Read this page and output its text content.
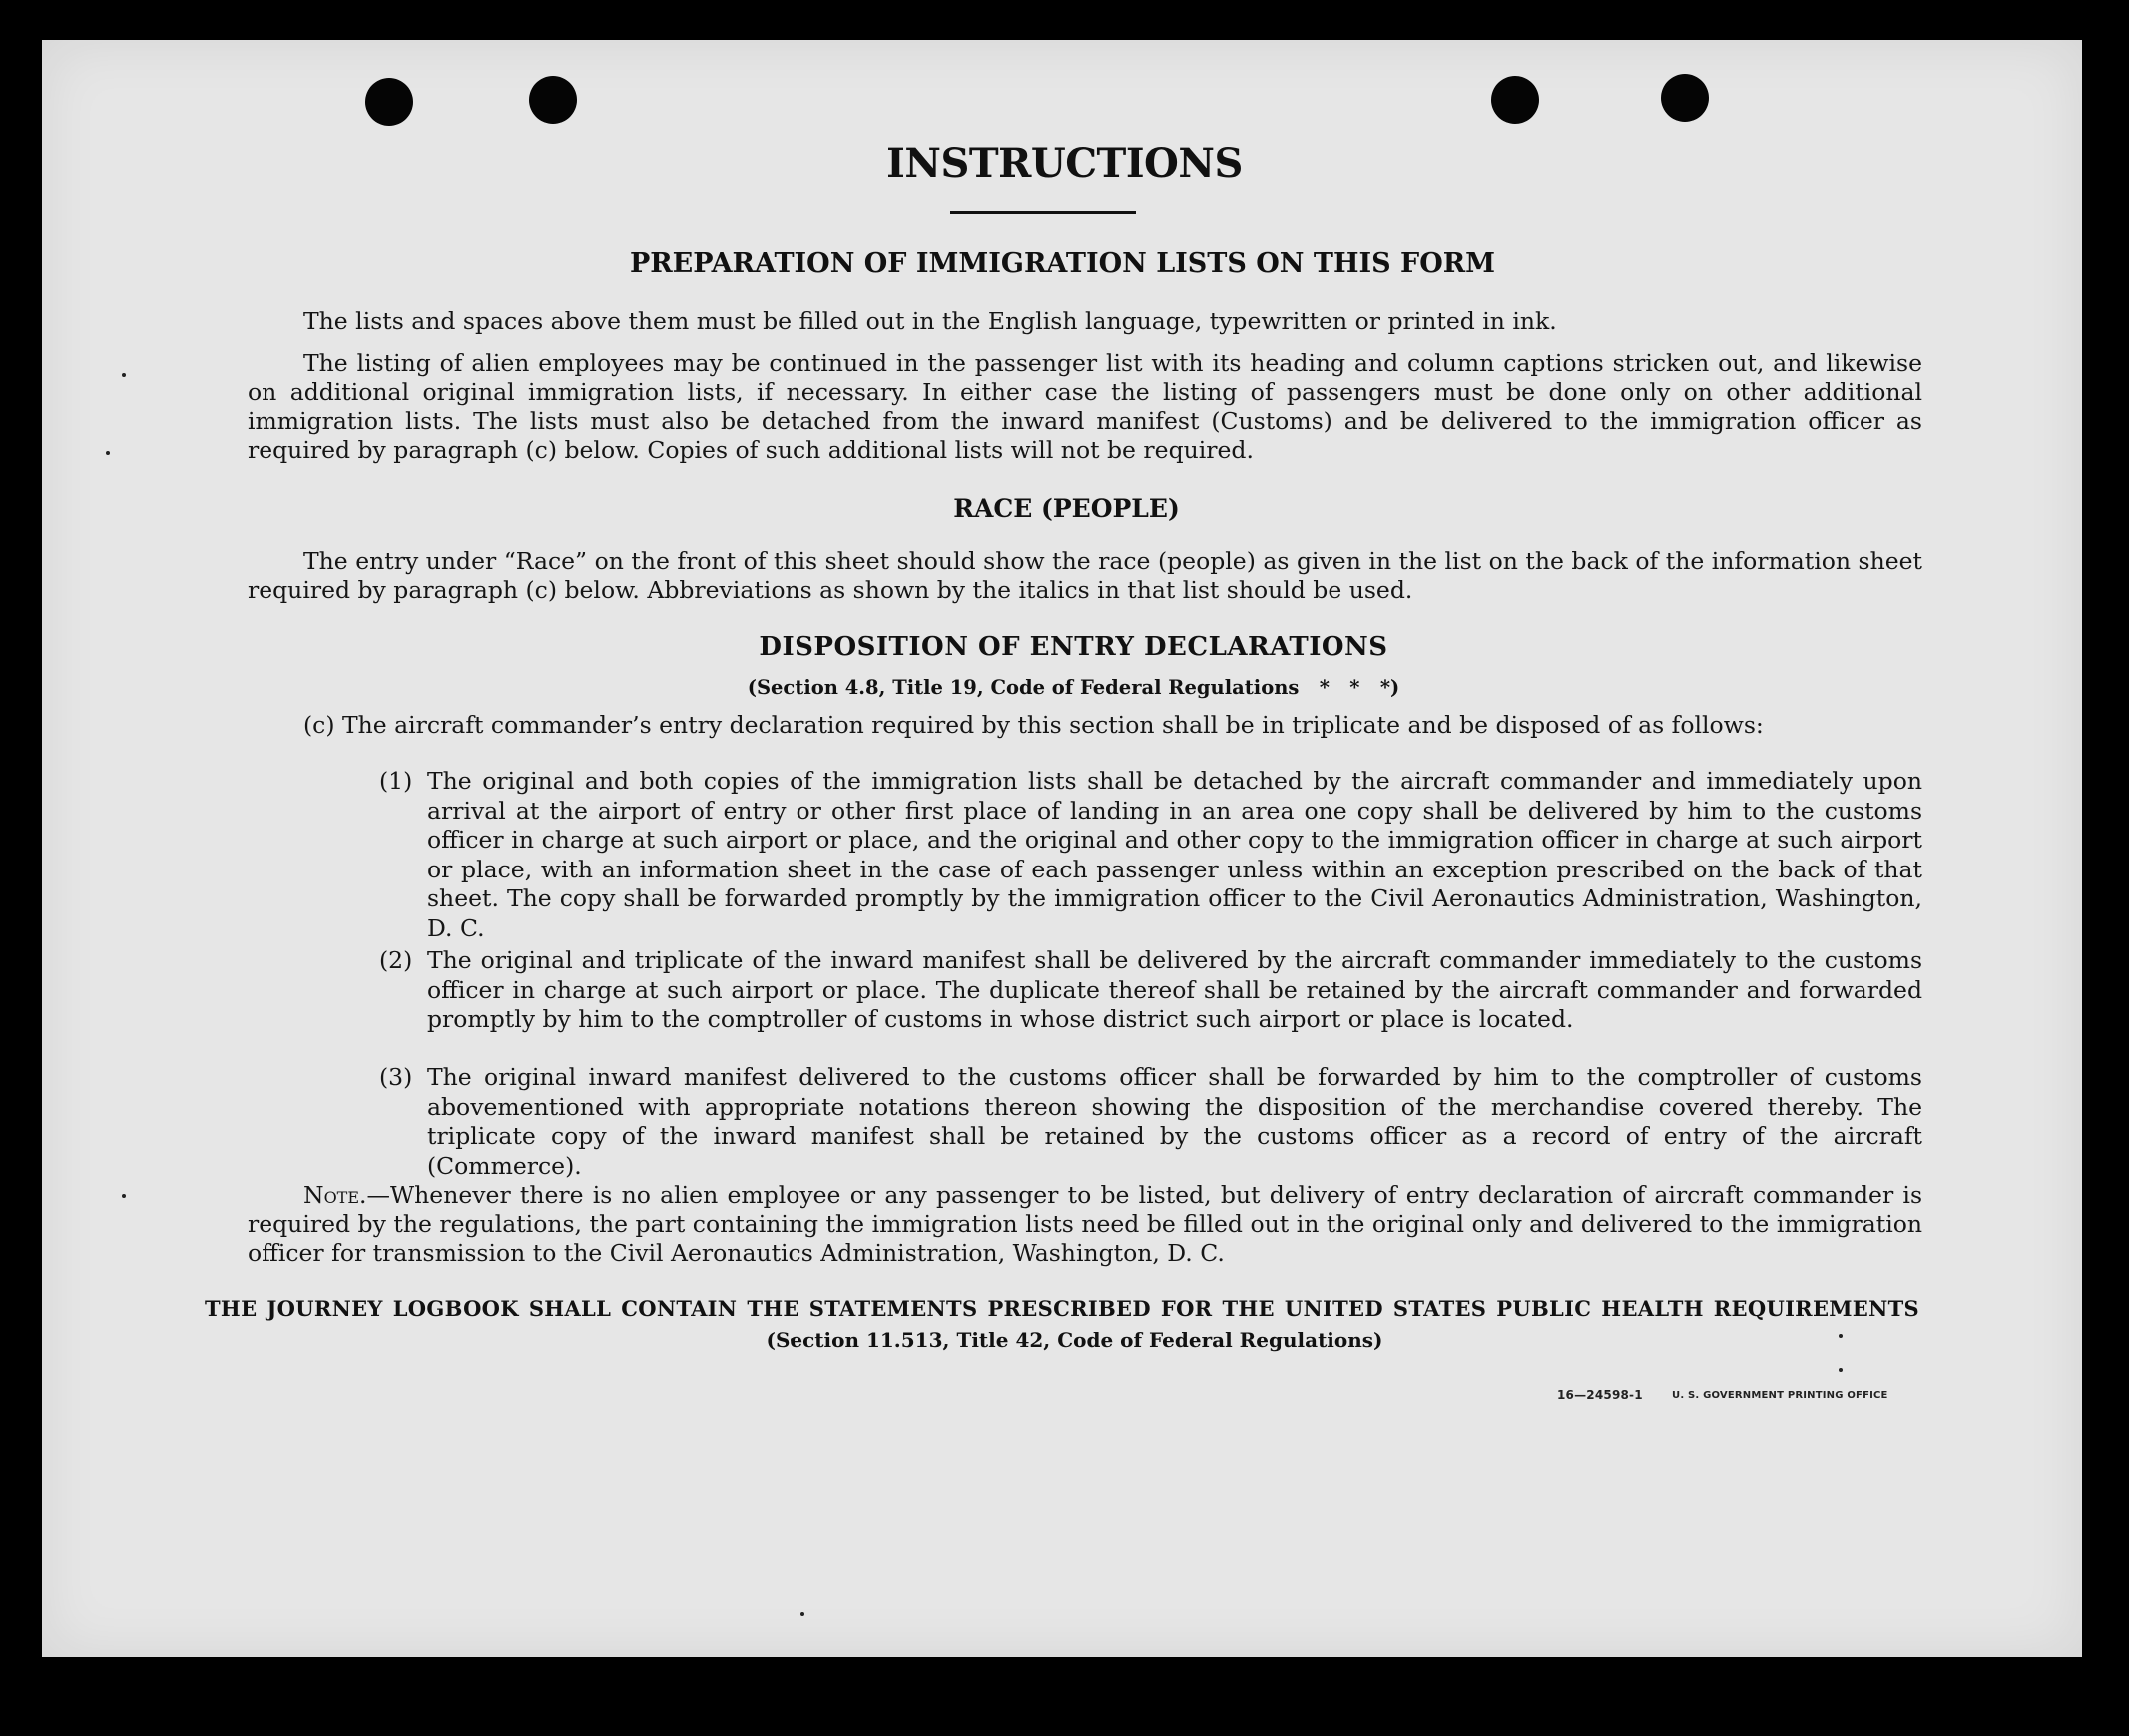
INSTRUCTIONS
PREPARATION OF IMMIGRATION LISTS ON THIS FORM
The lists and spaces above them must be filled out in the English language, typewritten or printed in ink.
The listing of alien employees may be continued in the passenger list with its heading and column captions stricken out, and likewise on additional original immigration lists, if necessary. In either case the listing of passengers must be done only on other additional immigration lists. The lists must also be detached from the inward manifest (Customs) and be delivered to the immigration officer as required by paragraph (c) below. Copies of such additional lists will not be required.
RACE (PEOPLE)
The entry under “Race” on the front of this sheet should show the race (people) as given in the list on the back of the information sheet required by paragraph (c) below. Abbreviations as shown by the italics in that list should be used.
DISPOSITION OF ENTRY DECLARATIONS
(Section 4.8, Title 19, Code of Federal Regulations   *   *   *)
(c) The aircraft commander’s entry declaration required by this section shall be in triplicate and be disposed of as follows:
(1) The original and both copies of the immigration lists shall be detached by the aircraft commander and immediately upon arrival at the airport of entry or other first place of landing in an area one copy shall be delivered by him to the customs officer in charge at such airport or place, and the original and other copy to the immigration officer in charge at such airport or place, with an information sheet in the case of each passenger unless within an exception prescribed on the back of that sheet. The copy shall be forwarded promptly by the immigration officer to the Civil Aeronautics Administration, Washington, D. C.
(2) The original and triplicate of the inward manifest shall be delivered by the aircraft commander immediately to the customs officer in charge at such airport or place. The duplicate thereof shall be retained by the aircraft commander and forwarded promptly by him to the comptroller of customs in whose district such airport or place is located.
(3) The original inward manifest delivered to the customs officer shall be forwarded by him to the comptroller of customs abovementioned with appropriate notations thereon showing the disposition of the merchandise covered thereby. The triplicate copy of the inward manifest shall be retained by the customs officer as a record of entry of the aircraft (Commerce).
Note.—Whenever there is no alien employee or any passenger to be listed, but delivery of entry declaration of aircraft commander is required by the regulations, the part containing the immigration lists need be filled out in the original only and delivered to the immigration officer for transmission to the Civil Aeronautics Administration, Washington, D. C.
THE JOURNEY LOGBOOK SHALL CONTAIN THE STATEMENTS PRESCRIBED FOR THE UNITED STATES PUBLIC HEALTH REQUIREMENTS
(Section 11.513, Title 42, Code of Federal Regulations)
16—24598-1	U. S. GOVERNMENT PRINTING OFFICE
